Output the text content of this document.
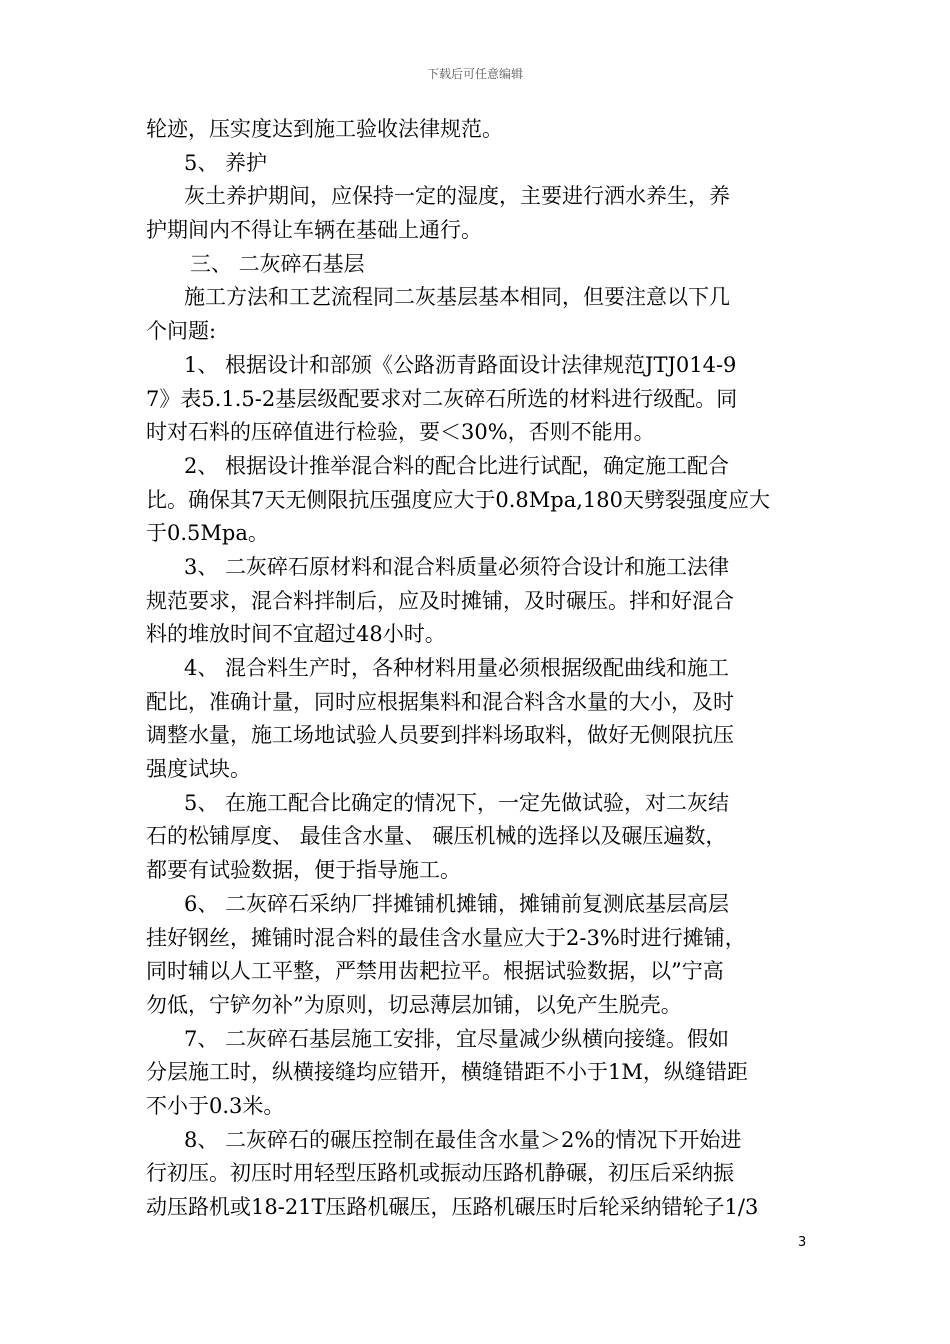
下载后可任意编辑
轮迹，压实度达到施工验收法律规范。
5、 养护
灰土养护期间，应保持一定的湿度，主要进行洒水养生，养
护期间内不得让车辆在基础上通行。
三、 二灰碎石基层
施工方法和工艺流程同二灰基层基本相同，但要注意以下几
个问题:
1、 根据设计和部颁《公路沥青路面设计法律规范JTJ014-9
7》表5.1.5-2基层级配要求对二灰碎石所选的材料进行级配。同
时对石料的压碎值进行检验，要＜30%，否则不能用。
2、 根据设计推举混合料的配合比进行试配，确定施工配合
比。确保其7天无侧限抗压强度应大于0.8Mpa,180天劈裂强度应大
于0.5Mpa。
3、 二灰碎石原材料和混合料质量必须符合设计和施工法律
规范要求，混合料拌制后，应及时摊铺，及时碾压。拌和好混合
料的堆放时间不宜超过48小时。
4、 混合料生产时，各种材料用量必须根据级配曲线和施工
配比，准确计量，同时应根据集料和混合料含水量的大小，及时
调整水量，施工场地试验人员要到拌料场取料，做好无侧限抗压
强度试块。
5、 在施工配合比确定的情况下，一定先做试验，对二灰结
石的松铺厚度、 最佳含水量、 碾压机械的选择以及碾压遍数，
都要有试验数据，便于指导施工。
6、 二灰碎石采纳厂拌摊铺机摊铺，摊铺前复测底基层高层
挂好钢丝，摊铺时混合料的最佳含水量应大于2-3%时进行摊铺，
同时辅以人工平整，严禁用齿耙拉平。根据试验数据，以”宁高
勿低，宁铲勿补”为原则，切忌薄层加铺，以免产生脱壳。
7、 二灰碎石基层施工安排，宜尽量减少纵横向接缝。假如
分层施工时，纵横接缝均应错开，横缝错距不小于1M，纵缝错距
不小于0.3米。
8、 二灰碎石的碾压控制在最佳含水量＞2%的情况下开始进
行初压。初压时用轻型压路机或振动压路机静碾，初压后采纳振
动压路机或18-21T压路机碾压，压路机碾压时后轮采纳错轮子1/3
3
